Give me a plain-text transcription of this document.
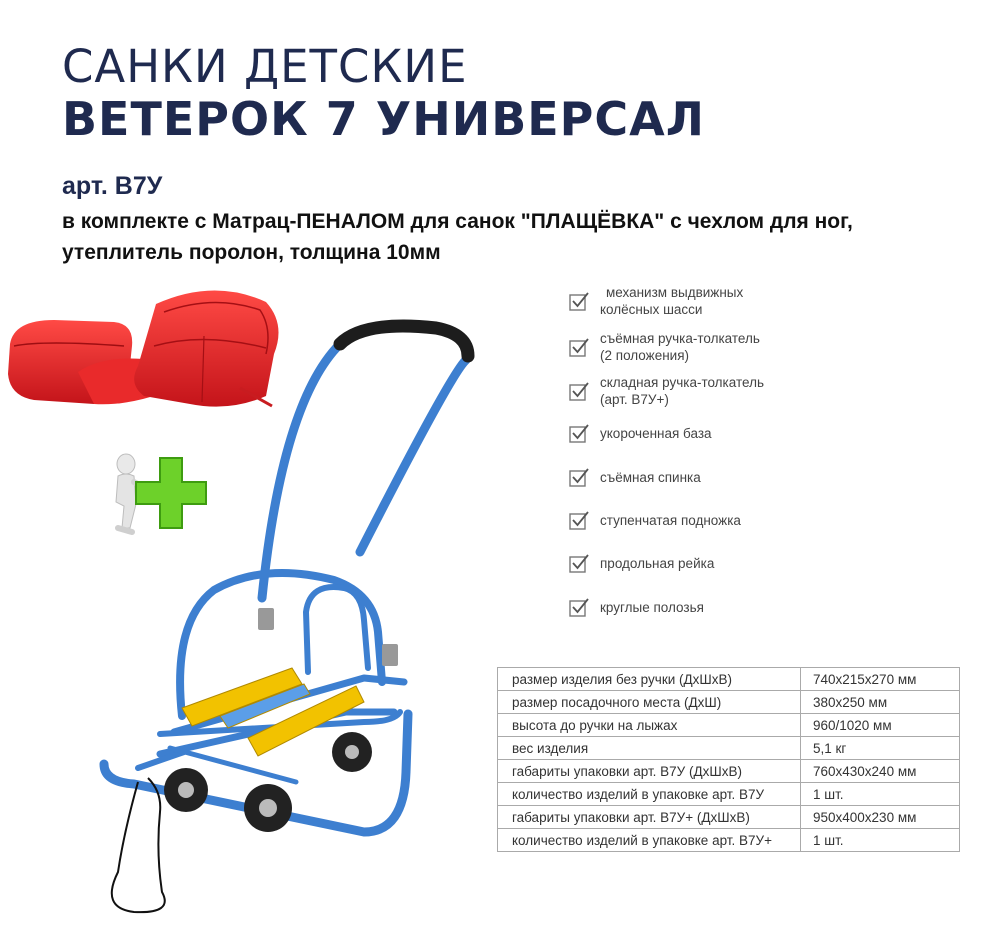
САНКИ ДЕТСКИЕ
ВЕТЕРОК 7 УНИВЕРСАЛ
арт. В7У
в комплекте с Матрац-ПЕНАЛОМ для санок "ПЛАЩЁВКА" с чехлом для ног, утеплитель поролон, толщина 10мм
механизм выдвижных
колёсных шасси
съёмная ручка-толкатель
(2 положения)
складная ручка-толкатель
(арт. В7У+)
укороченная база
съёмная спинка
ступенчатая подножка
продольная рейка
круглые полозья
размер изделия без ручки (ДхШхВ)	740x215x270 мм
размер посадочного места (ДхШ)	380x250 мм
высота до ручки на лыжах	960/1020 мм
вес изделия	5,1 кг
габариты упаковки арт. В7У (ДхШхВ)	760x430x240 мм
количество изделий в упаковке арт. В7У	1 шт.
габариты упаковки арт. В7У+ (ДхШхВ)	950x400x230 мм
количество изделий в упаковке арт. В7У+	1 шт.
